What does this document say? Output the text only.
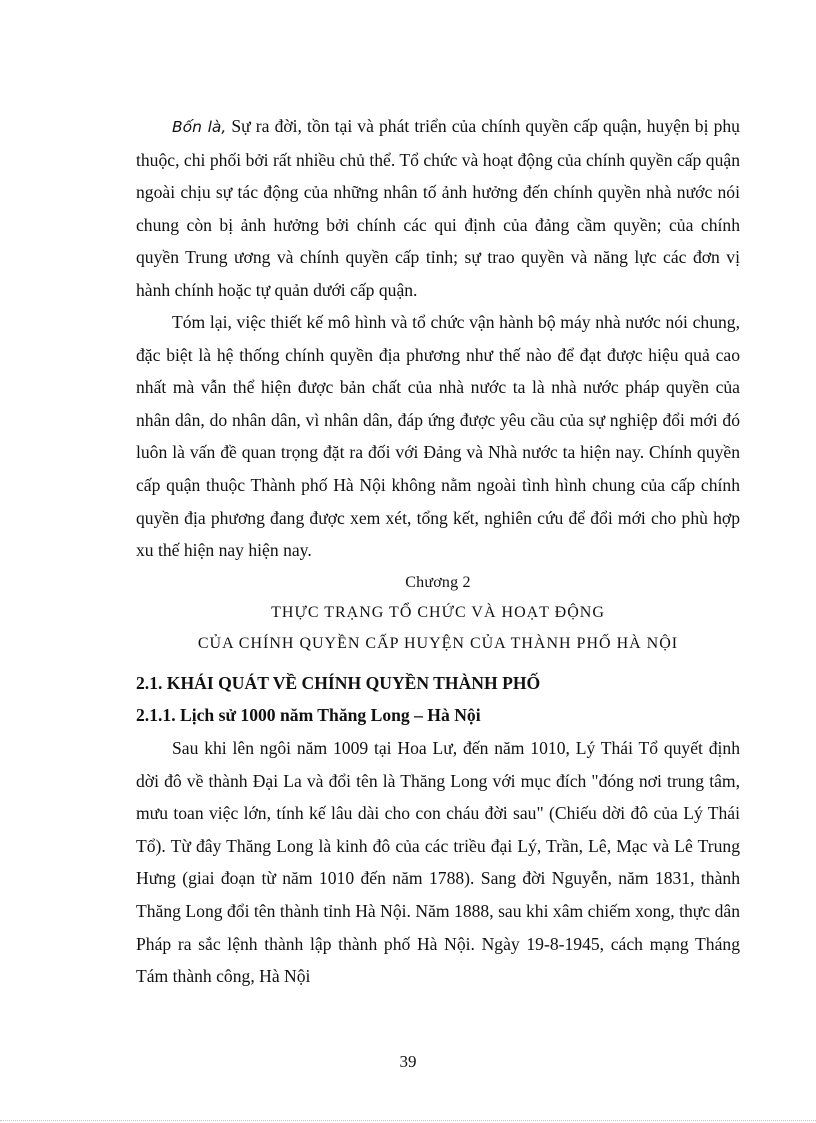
Bốn là, Sự ra đời, tồn tại và phát triển của chính quyền cấp quận, huyện bị phụ thuộc, chi phối bởi rất nhiều chủ thể. Tổ chức và hoạt động của chính quyền cấp quận ngoài chịu sự tác động của những nhân tố ảnh hưởng đến chính quyền nhà nước nói chung còn bị ảnh hưởng bởi chính các qui định của đảng cầm quyền; của chính quyền Trung ương và chính quyền cấp tỉnh; sự trao quyền và năng lực các đơn vị hành chính hoặc tự quản dưới cấp quận.

Tóm lại, việc thiết kế mô hình và tổ chức vận hành bộ máy nhà nước nói chung, đặc biệt là hệ thống chính quyền địa phương như thế nào để đạt được hiệu quả cao nhất mà vẫn thể hiện được bản chất của nhà nước ta là nhà nước pháp quyền của nhân dân, do nhân dân, vì nhân dân, đáp ứng được yêu cầu của sự nghiệp đổi mới đó luôn là vấn đề quan trọng đặt ra đối với Đảng và Nhà nước ta hiện nay. Chính quyền cấp quận thuộc Thành phố Hà Nội không nằm ngoài tình hình chung của cấp chính quyền địa phương đang được xem xét, tổng kết, nghiên cứu để đổi mới cho phù hợp xu thế hiện nay hiện nay.

Chương 2
THỰC TRẠNG TỔ CHỨC VÀ HOẠT ĐỘNG
CỦA CHÍNH QUYỀN CẤP HUYỆN CỦA THÀNH PHỐ HÀ NỘI
2.1. KHÁI QUÁT VỀ CHÍNH QUYỀN THÀNH PHỐ
2.1.1. Lịch sử 1000 năm Thăng Long – Hà Nội

Sau khi lên ngôi năm 1009 tại Hoa Lư, đến năm 1010, Lý Thái Tổ quyết định dời đô về thành Đại La và đổi tên là Thăng Long với mục đích "đóng nơi trung tâm, mưu toan việc lớn, tính kế lâu dài cho con cháu đời sau" (Chiếu dời đô của Lý Thái Tổ). Từ đây Thăng Long là kinh đô của các triều đại Lý, Trần, Lê, Mạc và Lê Trung Hưng (giai đoạn từ năm 1010 đến năm 1788). Sang đời Nguyễn, năm 1831, thành Thăng Long đổi tên thành tỉnh Hà Nội. Năm 1888, sau khi xâm chiếm xong, thực dân Pháp ra sắc lệnh thành lập thành phố Hà Nội. Ngày 19-8-1945, cách mạng Tháng Tám thành công, Hà Nội

39
